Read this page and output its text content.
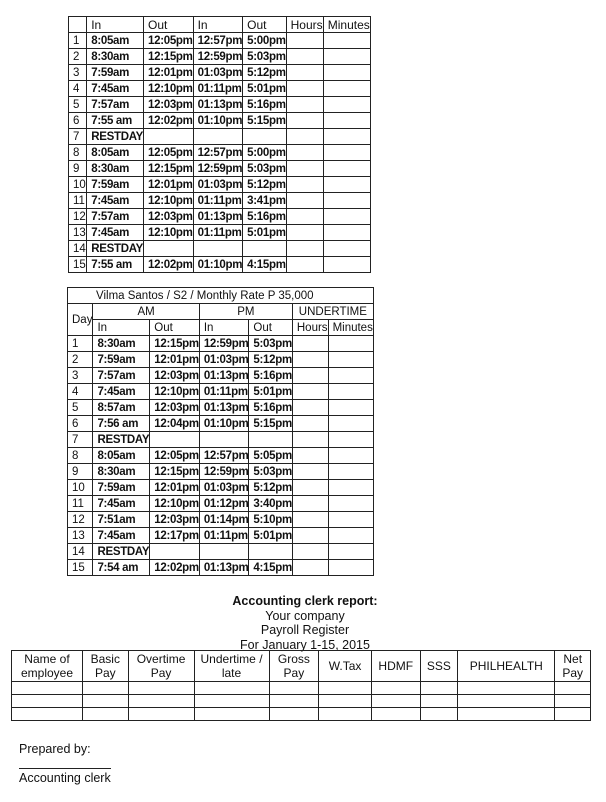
	In	Out	In	Out	Hours	Minutes
1	8:05am	12:05pm	12:57pm	5:00pm		
2	8:30am	12:15pm	12:59pm	5:03pm		
3	7:59am	12:01pm	01:03pm	5:12pm		
4	7:45am	12:10pm	01:11pm	5:01pm		
5	7:57am	12:03pm	01:13pm	5:16pm		
6	7:55 am	12:02pm	01:10pm	5:15pm		
7	RESTDAY					
8	8:05am	12:05pm	12:57pm	5:00pm		
9	8:30am	12:15pm	12:59pm	5:03pm		
10	7:59am	12:01pm	01:03pm	5:12pm		
11	7:45am	12:10pm	01:11pm	3:41pm		
12	7:57am	12:03pm	01:13pm	5:16pm		
13	7:45am	12:10pm	01:11pm	5:01pm		
14	RESTDAY					
15	7:55 am	12:02pm	01:10pm	4:15pm		
Vilma Santos / S2 / Monthly Rate P 35,000						
Day	AM		PM		UNDERTIME	
	In	Out	In	Out	Hours	Minutes
1	8:30am	12:15pm	12:59pm	5:03pm		
2	7:59am	12:01pm	01:03pm	5:12pm		
3	7:57am	12:03pm	01:13pm	5:16pm		
4	7:45am	12:10pm	01:11pm	5:01pm		
5	8:57am	12:03pm	01:13pm	5:16pm		
6	7:56 am	12:04pm	01:10pm	5:15pm		
7	RESTDAY					
8	8:05am	12:05pm	12:57pm	5:05pm		
9	8:30am	12:15pm	12:59pm	5:03pm		
10	7:59am	12:01pm	01:03pm	5:12pm		
11	7:45am	12:10pm	01:12pm	3:40pm		
12	7:51am	12:03pm	01:14pm	5:10pm		
13	7:45am	12:17pm	01:11pm	5:01pm		
14	RESTDAY					
15	7:54 am	12:02pm	01:13pm	4:15pm		
Accounting clerk report:
Your company
Payroll Register
For January 1-15, 2015
Name of employee	Basic Pay	Overtime Pay	Undertime / late	Gross Pay	W.Tax	HDMF	SSS	PHILHEALTH	Net Pay

Prepared by:
Accounting clerk
